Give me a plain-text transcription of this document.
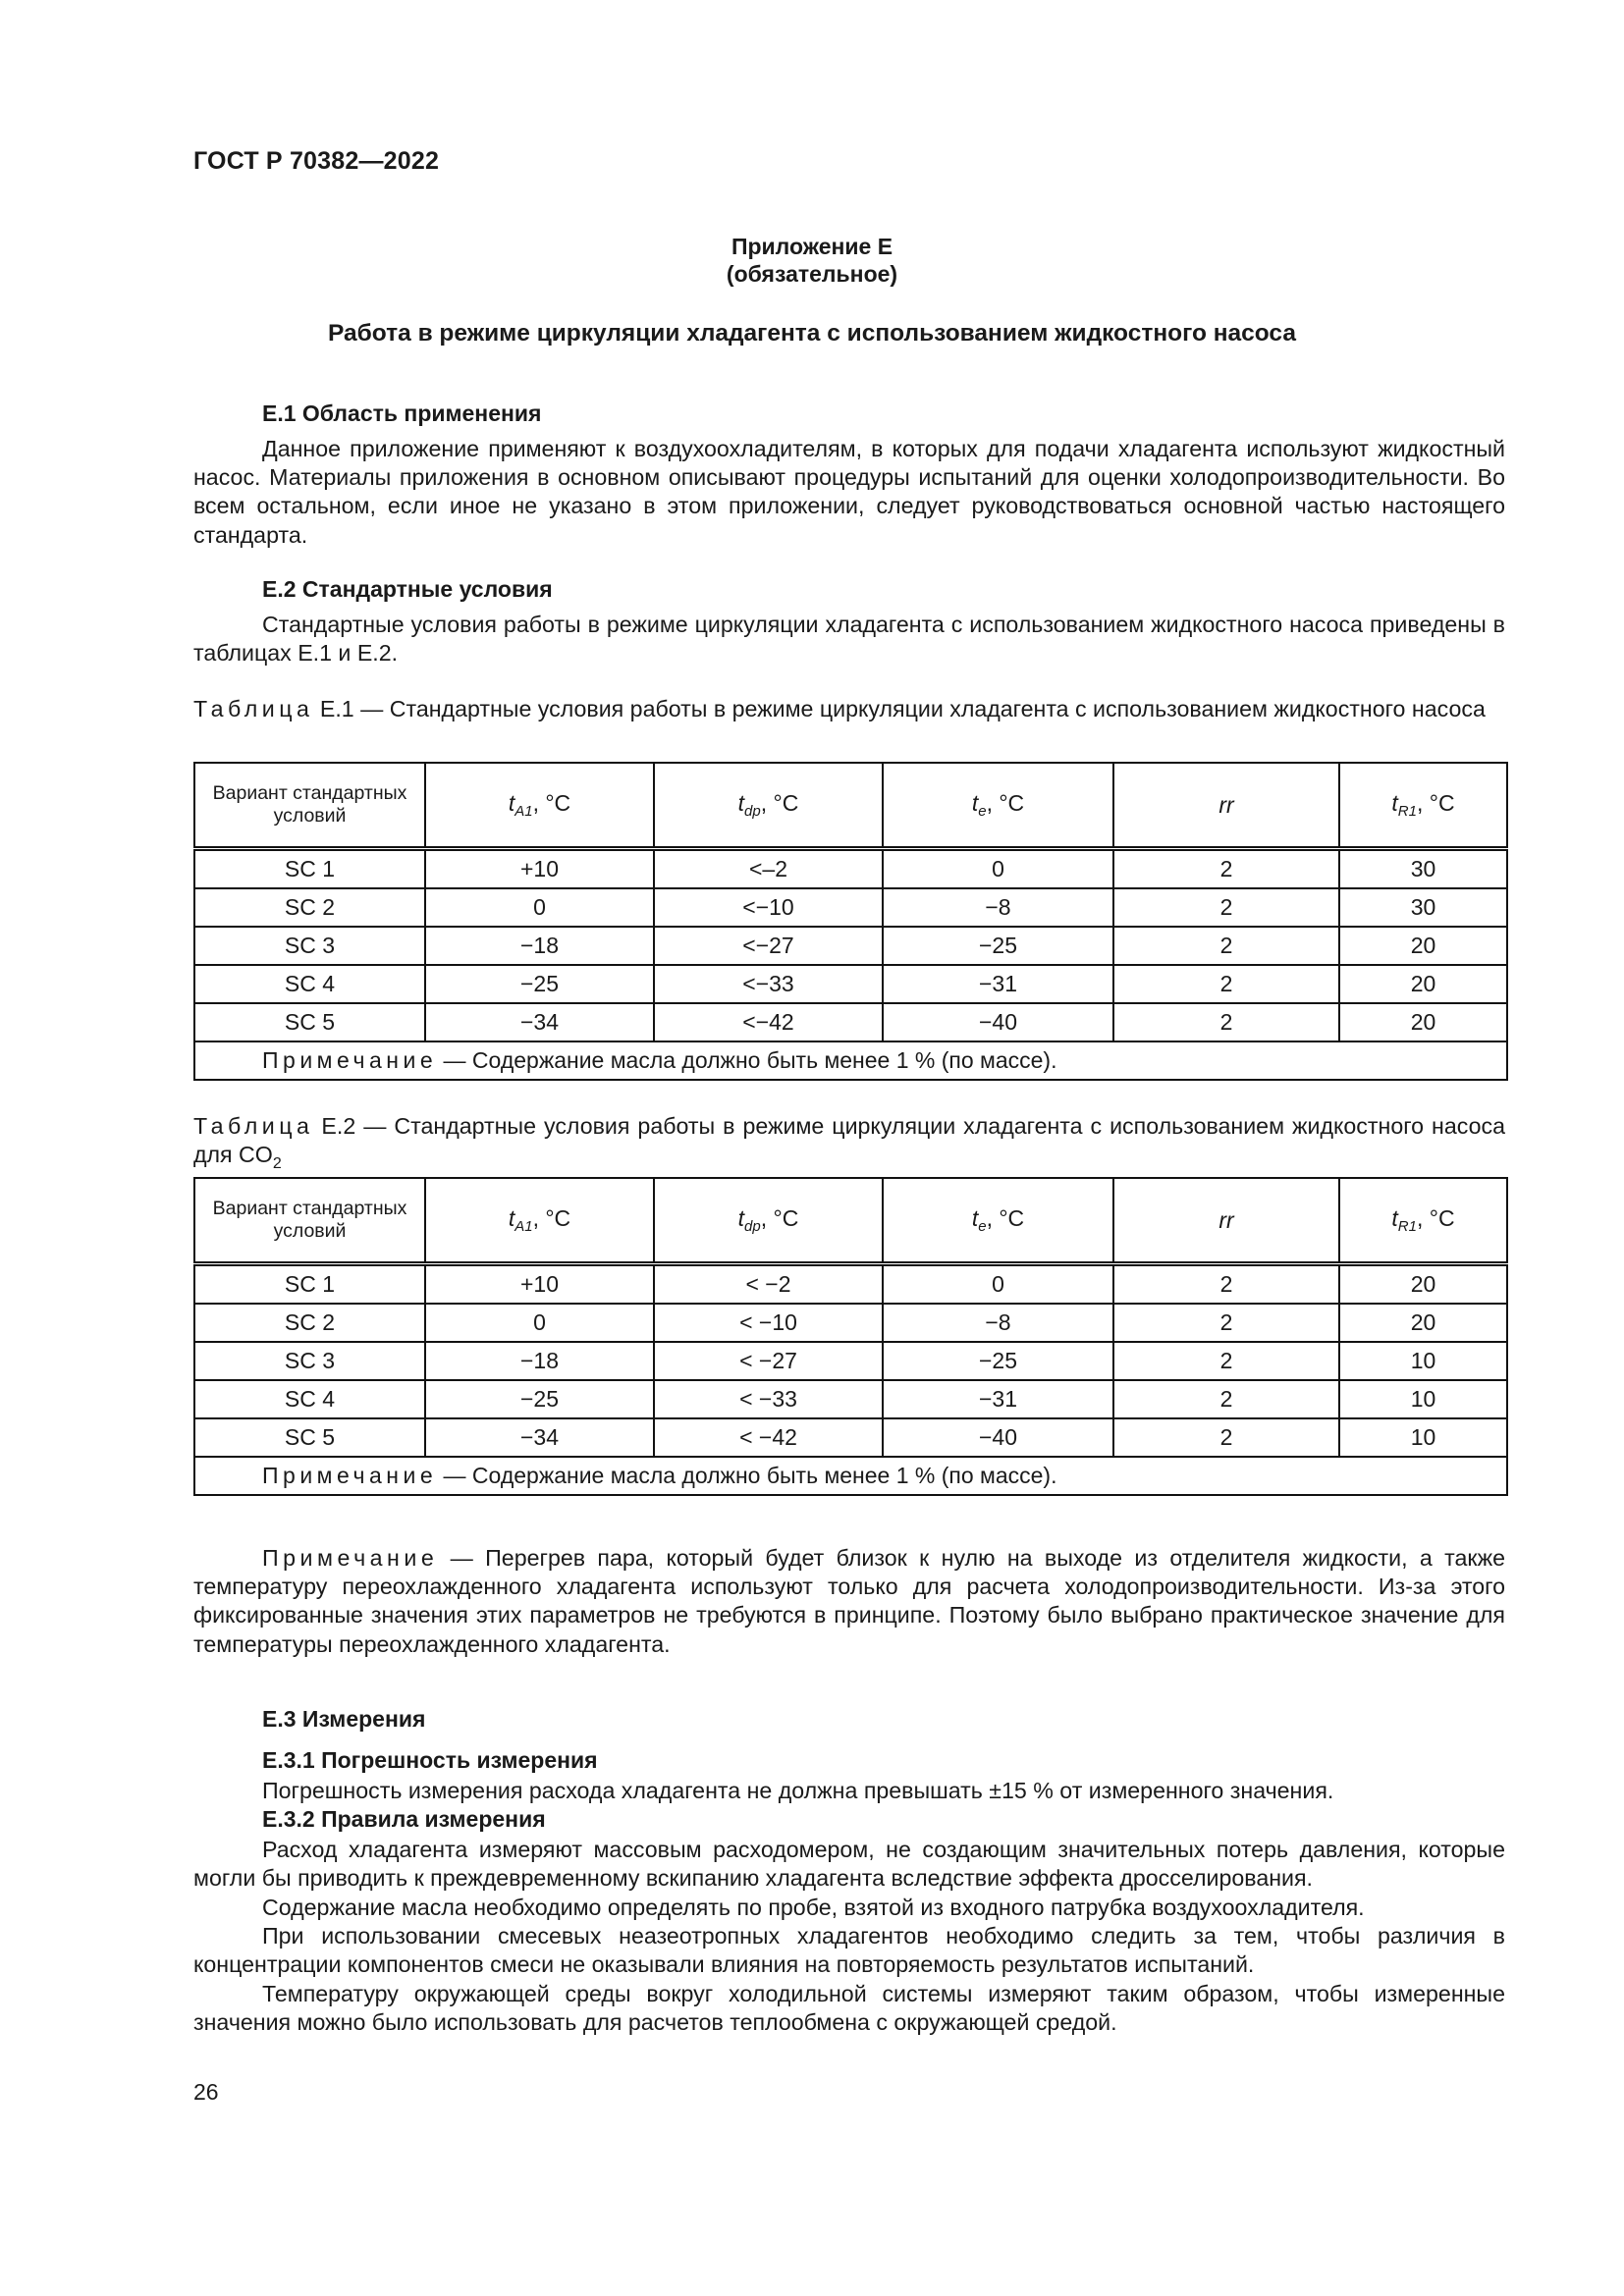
ГОСТ Р 70382—2022
Приложение Е
(обязательное)
Работа в режиме циркуляции хладагента с использованием жидкостного насоса
Е.1 Область применения

Данное приложение применяют к воздухоохладителям, в которых для подачи хладагента используют жидкостный насос. Материалы приложения в основном описывают процедуры испытаний для оценки холодопроизводительности. Во всем остальном, если иное не указано в этом приложении, следует руководствоваться основной частью настоящего стандарта.

Е.2 Стандартные условия

Стандартные условия работы в режиме циркуляции хладагента с использованием жидкостного насоса приведены в таблицах Е.1 и Е.2.

Таблица Е.1 — Стандартные условия работы в режиме циркуляции хладагента с использованием жидкостного насоса
Вариант стандартных условий	$t_{A1}$, °C	$t_{dp}$, °C	$t_e$, °C	rr	$t_{R1}$, °C
SC 1	+10	<–2	0	2	30
SC 2	0	<−10	−8	2	30
SC 3	−18	<−27	−25	2	20
SC 4	−25	<−33	−31	2	20
SC 5	−34	<−42	−40	2	20
Примечание — Содержание масла должно быть менее 1 % (по массе).					
Таблица Е.2 — Стандартные условия работы в режиме циркуляции хладагента с использованием жидкостного насоса для $CO_2$
Вариант стандартных условий	$t_{A1}$, °C	$t_{dp}$, °C	$t_e$, °C	rr	$t_{R1}$, °C
SC 1	+10	< −2	0	2	20
SC 2	0	< −10	−8	2	20
SC 3	−18	< −27	−25	2	10
SC 4	−25	< −33	−31	2	10
SC 5	−34	< −42	−40	2	10
Примечание — Содержание масла должно быть менее 1 % (по массе).					

Примечание — Перегрев пара, который будет близок к нулю на выходе из отделителя жидкости, а также температуру переохлажденного хладагента используют только для расчета холодопроизводительности. Из-за этого фиксированные значения этих параметров не требуются в принципе. Поэтому было выбрано практическое значение для температуры переохлажденного хладагента.

Е.3 Измерения
Е.3.1 Погрешность измерения

Погрешность измерения расхода хладагента не должна превышать ±15 % от измеренного значения.

Е.3.2 Правила измерения

Расход хладагента измеряют массовым расходомером, не создающим значительных потерь давления, которые могли бы приводить к преждевременному вскипанию хладагента вследствие эффекта дросселирования.

Содержание масла необходимо определять по пробе, взятой из входного патрубка воздухоохладителя.

При использовании смесевых неазеотропных хладагентов необходимо следить за тем, чтобы различия в концентрации компонентов смеси не оказывали влияния на повторяемость результатов испытаний.

Температуру окружающей среды вокруг холодильной системы измеряют таким образом, чтобы измеренные значения можно было использовать для расчетов теплообмена с окружающей средой.

26
